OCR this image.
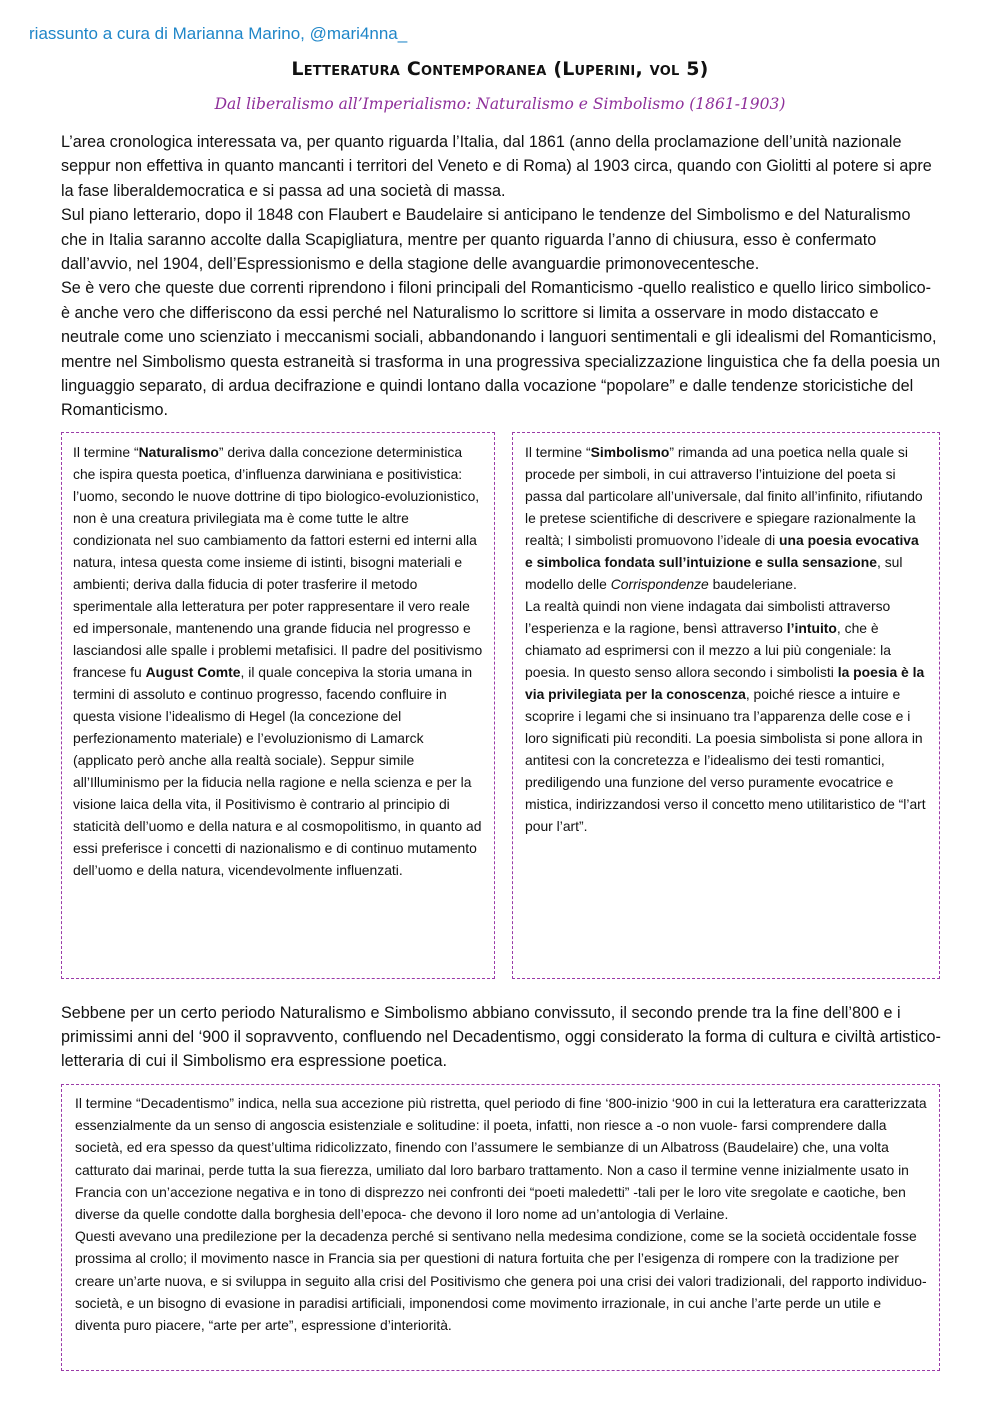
riassunto a cura di Marianna Marino, @mari4nna_
Letteratura Contemporanea (Luperini, vol 5)
Dal liberalismo all’Imperialismo: Naturalismo e Simbolismo (1861-1903)
L’area cronologica interessata va, per quanto riguarda l’Italia, dal 1861 (anno della proclamazione dell’unità nazionale seppur non effettiva in quanto mancanti i territori del Veneto e di Roma) al 1903 circa, quando con Giolitti al potere si apre la fase liberaldemocratica e si passa ad una società di massa.
Sul piano letterario, dopo il 1848 con Flaubert e Baudelaire si anticipano le tendenze del Simbolismo e del Naturalismo che in Italia saranno accolte dalla Scapigliatura, mentre per quanto riguarda l’anno di chiusura, esso è confermato dall’avvio, nel 1904, dell’Espressionismo e della stagione delle avanguardie primonovecentesche.
Se è vero che queste due correnti riprendono i filoni principali del Romanticismo -quello realistico e quello lirico simbolico- è anche vero che differiscono da essi perché nel Naturalismo lo scrittore si limita a osservare in modo distaccato e neutrale come uno scienziato i meccanismi sociali, abbandonando i languori sentimentali e gli idealismi del Romanticismo, mentre nel Simbolismo questa estraneità si trasforma in una progressiva specializzazione linguistica che fa della poesia un linguaggio separato, di ardua decifrazione e quindi lontano dalla vocazione “popolare” e dalle tendenze storicistiche del Romanticismo.

Il termine “Naturalismo” deriva dalla concezione deterministica che ispira questa poetica, d’influenza darwiniana e positivistica: l’uomo, secondo le nuove dottrine di tipo biologico-evoluzionistico, non è una creatura privilegiata ma è come tutte le altre condizionata nel suo cambiamento da fattori esterni ed interni alla natura, intesa questa come insieme di istinti, bisogni materiali e ambienti; deriva dalla fiducia di poter trasferire il metodo sperimentale alla letteratura per poter rappresentare il vero reale ed impersonale, mantenendo una grande fiducia nel progresso e lasciandosi alle spalle i problemi metafisici. Il padre del positivismo francese fu August Comte, il quale concepiva la storia umana in termini di assoluto e continuo progresso, facendo confluire in questa visione l’idealismo di Hegel (la concezione del perfezionamento materiale) e l’evoluzionismo di Lamarck (applicato però anche alla realtà sociale). Seppur simile all’Illuminismo per la fiducia nella ragione e nella scienza e per la visione laica della vita, il Positivismo è contrario al principio di staticità dell’uomo e della natura e al cosmopolitismo, in quanto ad essi preferisce i concetti di nazionalismo e di continuo mutamento dell’uomo e della natura, vicendevolmente influenzati.

Il termine “Simbolismo” rimanda ad una poetica nella quale si procede per simboli, in cui attraverso l’intuizione del poeta si passa dal particolare all’universale, dal finito all’infinito, rifiutando le pretese scientifiche di descrivere e spiegare razionalmente la realtà; I simbolisti promuovono l’ideale di una poesia evocativa e simbolica fondata sull’intuizione e sulla sensazione, sul modello delle Corrispondenze baudeleriane.

La realtà quindi non viene indagata dai simbolisti attraverso l’esperienza e la ragione, bensì attraverso l’intuito, che è chiamato ad esprimersi con il mezzo a lui più congeniale: la poesia. In questo senso allora secondo i simbolisti la poesia è la via privilegiata per la conoscenza, poiché riesce a intuire e scoprire i legami che si insinuano tra l’apparenza delle cose e i loro significati più reconditi. La poesia simbolista si pone allora in antitesi con la concretezza e l’idealismo dei testi romantici, prediligendo una funzione del verso puramente evocatrice e mistica, indirizzandosi verso il concetto meno utilitaristico de “l’art pour l’art”.

Sebbene per un certo periodo Naturalismo e Simbolismo abbiano convissuto, il secondo prende tra la fine dell’800 e i primissimi anni del ‘900 il sopravvento, confluendo nel Decadentismo, oggi considerato la forma di cultura e civiltà artistico-letteraria di cui il Simbolismo era espressione poetica.

Il termine “Decadentismo” indica, nella sua accezione più ristretta, quel periodo di fine ‘800-inizio ‘900 in cui la letteratura era caratterizzata essenzialmente da un senso di angoscia esistenziale e solitudine: il poeta, infatti, non riesce a -o non vuole- farsi comprendere dalla società, ed era spesso da quest’ultima ridicolizzato, finendo con l’assumere le sembianze di un Albatross (Baudelaire) che, una volta catturato dai marinai, perde tutta la sua fierezza, umiliato dal loro barbaro trattamento. Non a caso il termine venne inizialmente usato in Francia con un’accezione negativa e in tono di disprezzo nei confronti dei “poeti maledetti” -tali per le loro vite sregolate e caotiche, ben diverse da quelle condotte dalla borghesia dell’epoca- che devono il loro nome ad un’antologia di Verlaine.

Questi avevano una predilezione per la decadenza perché si sentivano nella medesima condizione, come se la società occidentale fosse prossima al crollo; il movimento nasce in Francia sia per questioni di natura fortuita che per l’esigenza di rompere con la tradizione per creare un’arte nuova, e si sviluppa in seguito alla crisi del Positivismo che genera poi una crisi dei valori tradizionali, del rapporto individuo-società, e un bisogno di evasione in paradisi artificiali, imponendosi come movimento irrazionale, in cui anche l’arte perde un utile e diventa puro piacere, “arte per arte”, espressione d’interiorità.
